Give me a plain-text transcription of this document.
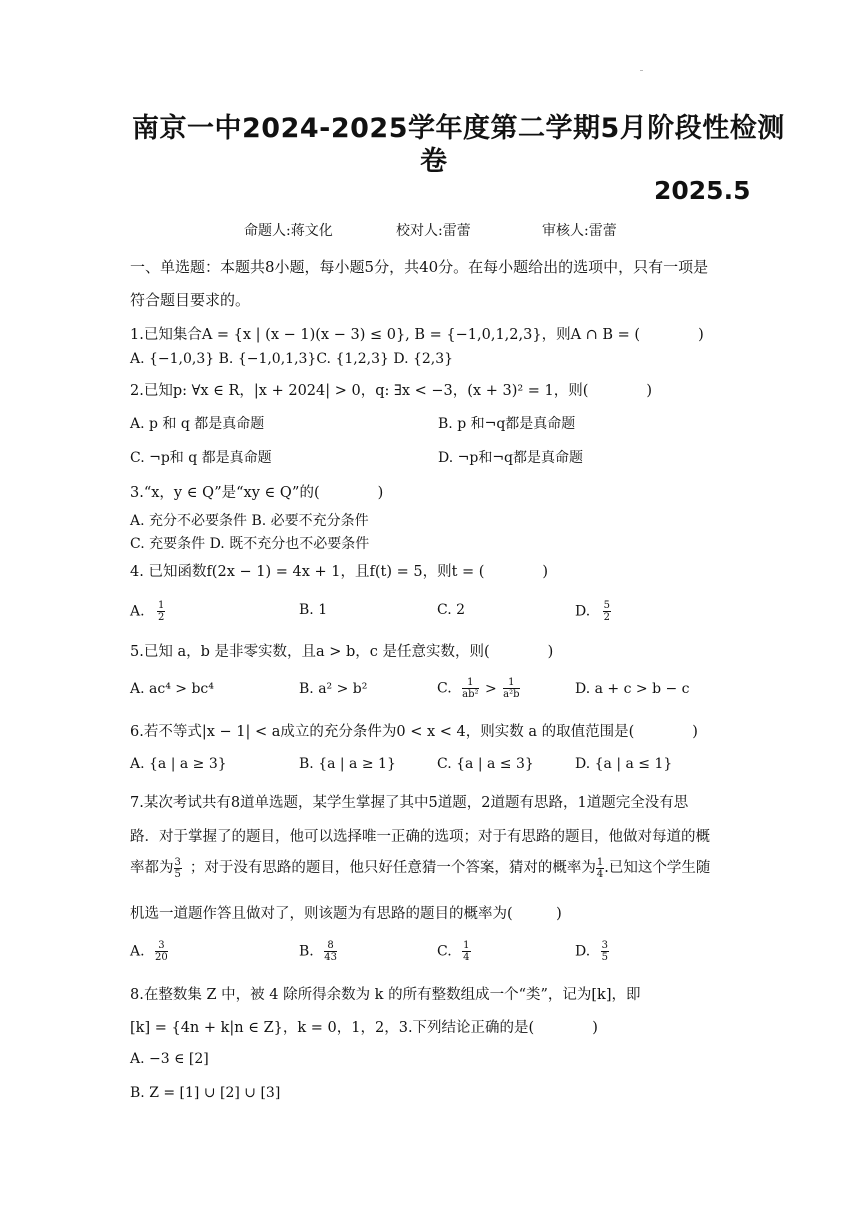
南京一中2024-2025学年度第二学期5月阶段性检测
卷
2025.5
命题人:蒋文化	校对人:雷蕾	审核人:雷蕾
一、单选题：本题共8小题，每小题5分，共40分。在每小题给出的选项中，只有一项是
符合题目要求的。
1.已知集合A = {x | (x − 1)(x − 3) ≤ 0}, B = {−1,0,1,2,3}，则A ∩ B = (　　　　)
A. {−1,0,3} B. {−1,0,1,3}C. {1,2,3} D. {2,3}
2.已知p: ∀x ∈ R，|x + 2024| > 0，q: ∃x < −3，(x + 3)² = 1，则(　　　　)
A. p 和 q 都是真命题	B. p 和¬q都是真命题
C. ¬p和 q 都是真命题	D. ¬p和¬q都是真命题
3.“x，y ∈ Q”是“xy ∈ Q”的(　　　　)
A. 充分不必要条件 B. 必要不充分条件
C. 充要条件 D. 既不充分也不必要条件
4. 已知函数f(2x − 1) = 4x + 1，且f(t) = 5，则t = (　　　　)
A. $\frac{1}{2}$	B. 1	C. 2	D. $\frac{5}{2}$
5.已知 a，b 是非零实数，且a > b，c 是任意实数，则(　　　　)
A. ac⁴ > bc⁴	B. a² > b²	C. $\frac{1}{\text{ab²}} > \frac{1}{\text{a²b}}$	D. a + c > b − c
6.若不等式|x − 1| < a成立的充分条件为0 < x < 4，则实数 a 的取值范围是(　　　　)
A. {a | a ≥ 3}	B. {a | a ≥ 1}	C. {a | a ≤ 3}	D. {a | a ≤ 1}
7.某次考试共有8道单选题，某学生掌握了其中5道题，2道题有思路，1道题完全没有思
路．对于掌握了的题目，他可以选择唯一正确的选项；对于有思路的题目，他做对每道的概
率都为 $\frac{3}{5}$ ；对于没有思路的题目，他只好任意猜一个答案，猜对的概率为 $\frac{1}{4}$ .已知这个学生随
机选一道题作答且做对了，则该题为有思路的题目的概率为(　　　)
A. $\frac{3}{20}$	B. $\frac{8}{43}$	C. $\frac{1}{4}$	D. $\frac{3}{5}$
8.在整数集 Z 中，被 4 除所得余数为 k 的所有整数组成一个“类”，记为[k]，即
[k] = {4n + k|n ∈ Z}，k = 0，1，2，3.下列结论正确的是(　　　　)
A. −3 ∈ [2]
B. Z = [1] ∪ [2] ∪ [3]
